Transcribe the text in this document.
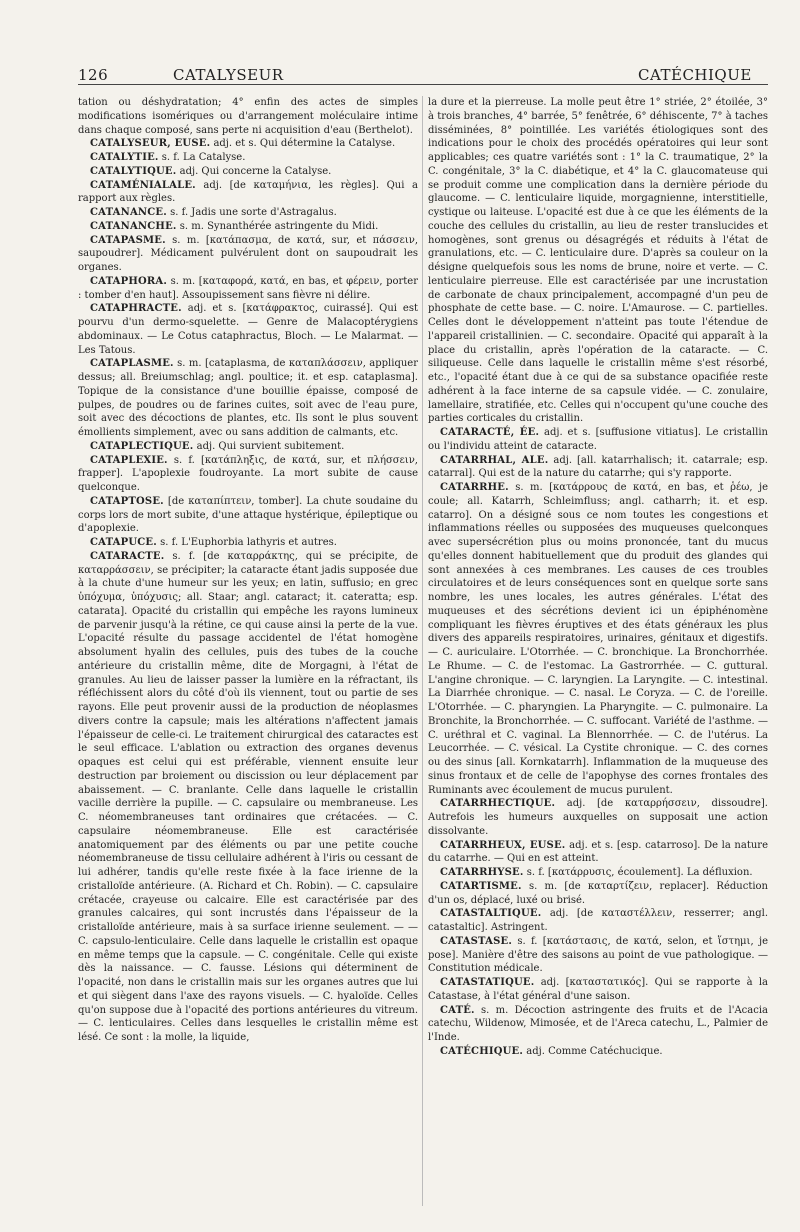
126	CATALYSEUR	CATÉCHIQUE

tation ou déshydratation; 4° enfin des actes de simples modifications isomériques ou d'arrangement moléculaire intime dans chaque composé, sans perte ni acquisition d'eau (Berthelot).

CATALYSEUR, EUSE. adj. et s. Qui détermine la Catalyse.

CATALYTIE. s. f. La Catalyse.

CATALYTIQUE. adj. Qui concerne la Catalyse.

CATAMÉNIALALE. adj. [de καταμήνια, les règles]. Qui a rapport aux règles.

CATANANCE. s. f. Jadis une sorte d'Astragalus.

CATANANCHE. s. m. Synanthérée astringente du Midi.

CATAPASME. s. m. [κατάπασμα, de κατά, sur, et πάσσειν, saupoudrer]. Médicament pulvérulent dont on saupoudrait les organes.

CATAPHORA. s. m. [καταφορά, κατά, en bas, et φέρειν, porter : tomber d'en haut]. Assoupissement sans fièvre ni délire.

CATAPHRACTE. adj. et s. [κατάφρακτος, cuirassé]. Qui est pourvu d'un dermo-squelette. — Genre de Malacoptérygiens abdominaux. — Le Cotus cataphractus, Bloch. — Le Malarmat. — Les Tatous.

CATAPLASME. s. m. [cataplasma, de καταπλάσσειν, appliquer dessus; all. Breiumschlag; angl. poultice; it. et esp. cataplasma]. Topique de la consistance d'une bouillie épaisse, composé de pulpes, de poudres ou de farines cuites, soit avec de l'eau pure, soit avec des décoctions de plantes, etc. Ils sont le plus souvent émollients simplement, avec ou sans addition de calmants, etc.

CATAPLECTIQUE. adj. Qui survient subitement.

CATAPLEXIE. s. f. [κατάπληξις, de κατά, sur, et πλήσσειν, frapper]. L'apoplexie foudroyante. La mort subite de cause quelconque.

CATAPTOSE. [de καταπίπτειν, tomber]. La chute soudaine du corps lors de mort subite, d'une attaque hystérique, épileptique ou d'apoplexie.

CATAPUCE. s. f. L'Euphorbia lathyris et autres.

CATARACTE. s. f. [de καταρράκτης, qui se précipite, de καταρράσσειν, se précipiter; la cataracte étant jadis supposée due à la chute d'une humeur sur les yeux; en latin, suffusio; en grec ὑπόχυμα, ὑπόχυσις; all. Staar; angl. cataract; it. cateratta; esp. catarata]. Opacité du cristallin qui empêche les rayons lumineux de parvenir jusqu'à la rétine, ce qui cause ainsi la perte de la vue. L'opacité résulte du passage accidentel de l'état homogène absolument hyalin des cellules, puis des tubes de la couche antérieure du cristallin même, dite de Morgagni, à l'état de granules. Au lieu de laisser passer la lumière en la réfractant, ils réfléchissent alors du côté d'où ils viennent, tout ou partie de ses rayons. Elle peut provenir aussi de la production de néoplasmes divers contre la capsule; mais les altérations n'affectent jamais l'épaisseur de celle-ci. Le traitement chirurgical des cataractes est le seul efficace. L'ablation ou extraction des organes devenus opaques est celui qui est préférable, viennent ensuite leur destruction par broiement ou discission ou leur déplacement par abaissement. — C. branlante. Celle dans laquelle le cristallin vacille derrière la pupille. — C. capsulaire ou membraneuse. Les C. néomembraneuses tant ordinaires que crétacées. — C. capsulaire néomembraneuse. Elle est caractérisée anatomiquement par des éléments ou par une petite couche néomembraneuse de tissu cellulaire adhérent à l'iris ou cessant de lui adhérer, tandis qu'elle reste fixée à la face irienne de la cristalloïde antérieure. (A. Richard et Ch. Robin). — C. capsulaire crétacée, crayeuse ou calcaire. Elle est caractérisée par des granules calcaires, qui sont incrustés dans l'épaisseur de la cristalloïde antérieure, mais à sa surface irienne seulement. — — C. capsulo-lenticulaire. Celle dans laquelle le cristallin est opaque en même temps que la capsule. — C. congénitale. Celle qui existe dès la naissance. — C. fausse. Lésions qui déterminent de l'opacité, non dans le cristallin mais sur les organes autres que lui et qui siègent dans l'axe des rayons visuels. — C. hyaloïde. Celles qu'on suppose due à l'opacité des portions antérieures du vitreum. — C. lenticulaires. Celles dans lesquelles le cristallin même est lésé. Ce sont : la molle, la liquide,

la dure et la pierreuse. La molle peut être 1° striée, 2° étoilée, 3° à trois branches, 4° barrée, 5° fenêtrée, 6° déhiscente, 7° à taches disséminées, 8° pointillée. Les variétés étiologiques sont des indications pour le choix des procédés opératoires qui leur sont applicables; ces quatre variétés sont : 1° la C. traumatique, 2° la C. congénitale, 3° la C. diabétique, et 4° la C. glaucomateuse qui se produit comme une complication dans la dernière période du glaucome. — C. lenticulaire liquide, morgagnienne, interstitielle, cystique ou laiteuse. L'opacité est due à ce que les éléments de la couche des cellules du cristallin, au lieu de rester translucides et homogènes, sont grenus ou désagrégés et réduits à l'état de granulations, etc. — C. lenticulaire dure. D'après sa couleur on la désigne quelquefois sous les noms de brune, noire et verte. — C. lenticulaire pierreuse. Elle est caractérisée par une incrustation de carbonate de chaux principalement, accompagné d'un peu de phosphate de cette base. — C. noire. L'Amaurose. — C. partielles. Celles dont le développement n'atteint pas toute l'étendue de l'appareil cristallinien. — C. secondaire. Opacité qui apparaît à la place du cristallin, après l'opération de la cataracte. — C. siliqueuse. Celle dans laquelle le cristallin même s'est résorbé, etc., l'opacité étant due à ce qui de sa substance opacifiée reste adhérent à la face interne de sa capsule vidée. — C. zonulaire, lamellaire, stratifiée, etc. Celles qui n'occupent qu'une couche des parties corticales du cristallin.

CATARACTÉ, ÉE. adj. et s. [suffusione vitiatus]. Le cristallin ou l'individu atteint de cataracte.

CATARRHAL, ALE. adj. [all. katarrhalisch; it. catarrale; esp. catarral]. Qui est de la nature du catarrhe; qui s'y rapporte.

CATARRHE. s. m. [κατάρρους de κατά, en bas, et ῥέω, je coule; all. Katarrh, Schleimfluss; angl. catharrh; it. et esp. catarro]. On a désigné sous ce nom toutes les congestions et inflammations réelles ou supposées des muqueuses quelconques avec supersécrétion plus ou moins prononcée, tant du mucus qu'elles donnent habituellement que du produit des glandes qui sont annexées à ces membranes. Les causes de ces troubles circulatoires et de leurs conséquences sont en quelque sorte sans nombre, les unes locales, les autres générales. L'état des muqueuses et des sécrétions devient ici un épiphénomène compliquant les fièvres éruptives et des états généraux les plus divers des appareils respiratoires, urinaires, génitaux et digestifs. — C. auriculaire. L'Otorrhée. — C. bronchique. La Bronchorrhée. Le Rhume. — C. de l'estomac. La Gastrorrhée. — C. guttural. L'angine chronique. — C. laryngien. La Laryngite. — C. intestinal. La Diarrhée chronique. — C. nasal. Le Coryza. — C. de l'oreille. L'Otorrhée. — C. pharyngien. La Pharyngite. — C. pulmonaire. La Bronchite, la Bronchorrhée. — C. suffocant. Variété de l'asthme. — C. uréthral et C. vaginal. La Blennorrhée. — C. de l'utérus. La Leucorrhée. — C. vésical. La Cystite chronique. — C. des cornes ou des sinus [all. Kornkatarrh]. Inflammation de la muqueuse des sinus frontaux et de celle de l'apophyse des cornes frontales des Ruminants avec écoulement de mucus purulent.

CATARRHECTIQUE. adj. [de καταρρήσσειν, dissoudre]. Autrefois les humeurs auxquelles on supposait une action dissolvante.

CATARRHEUX, EUSE. adj. et s. [esp. catarroso]. De la nature du catarrhe. — Qui en est atteint.

CATARRHYSE. s. f. [κατάρρυσις, écoulement]. La défluxion.

CATARTISME. s. m. [de καταρτίζειν, replacer]. Réduction d'un os, déplacé, luxé ou brisé.

CATASTALTIQUE. adj. [de καταστέλλειν, resserrer; angl. catastaltic]. Astringent.

CATASTASE. s. f. [κατάστασις, de κατά, selon, et ἵστημι, je pose]. Manière d'être des saisons au point de vue pathologique. — Constitution médicale.

CATASTATIQUE. adj. [καταστατικός]. Qui se rapporte à la Catastase, à l'état général d'une saison.

CATÉ. s. m. Décoction astringente des fruits et de l'Acacia catechu, Wildenow, Mimosée, et de l'Areca catechu, L., Palmier de l'Inde.

CATÉCHIQUE. adj. Comme Catéchucique.
